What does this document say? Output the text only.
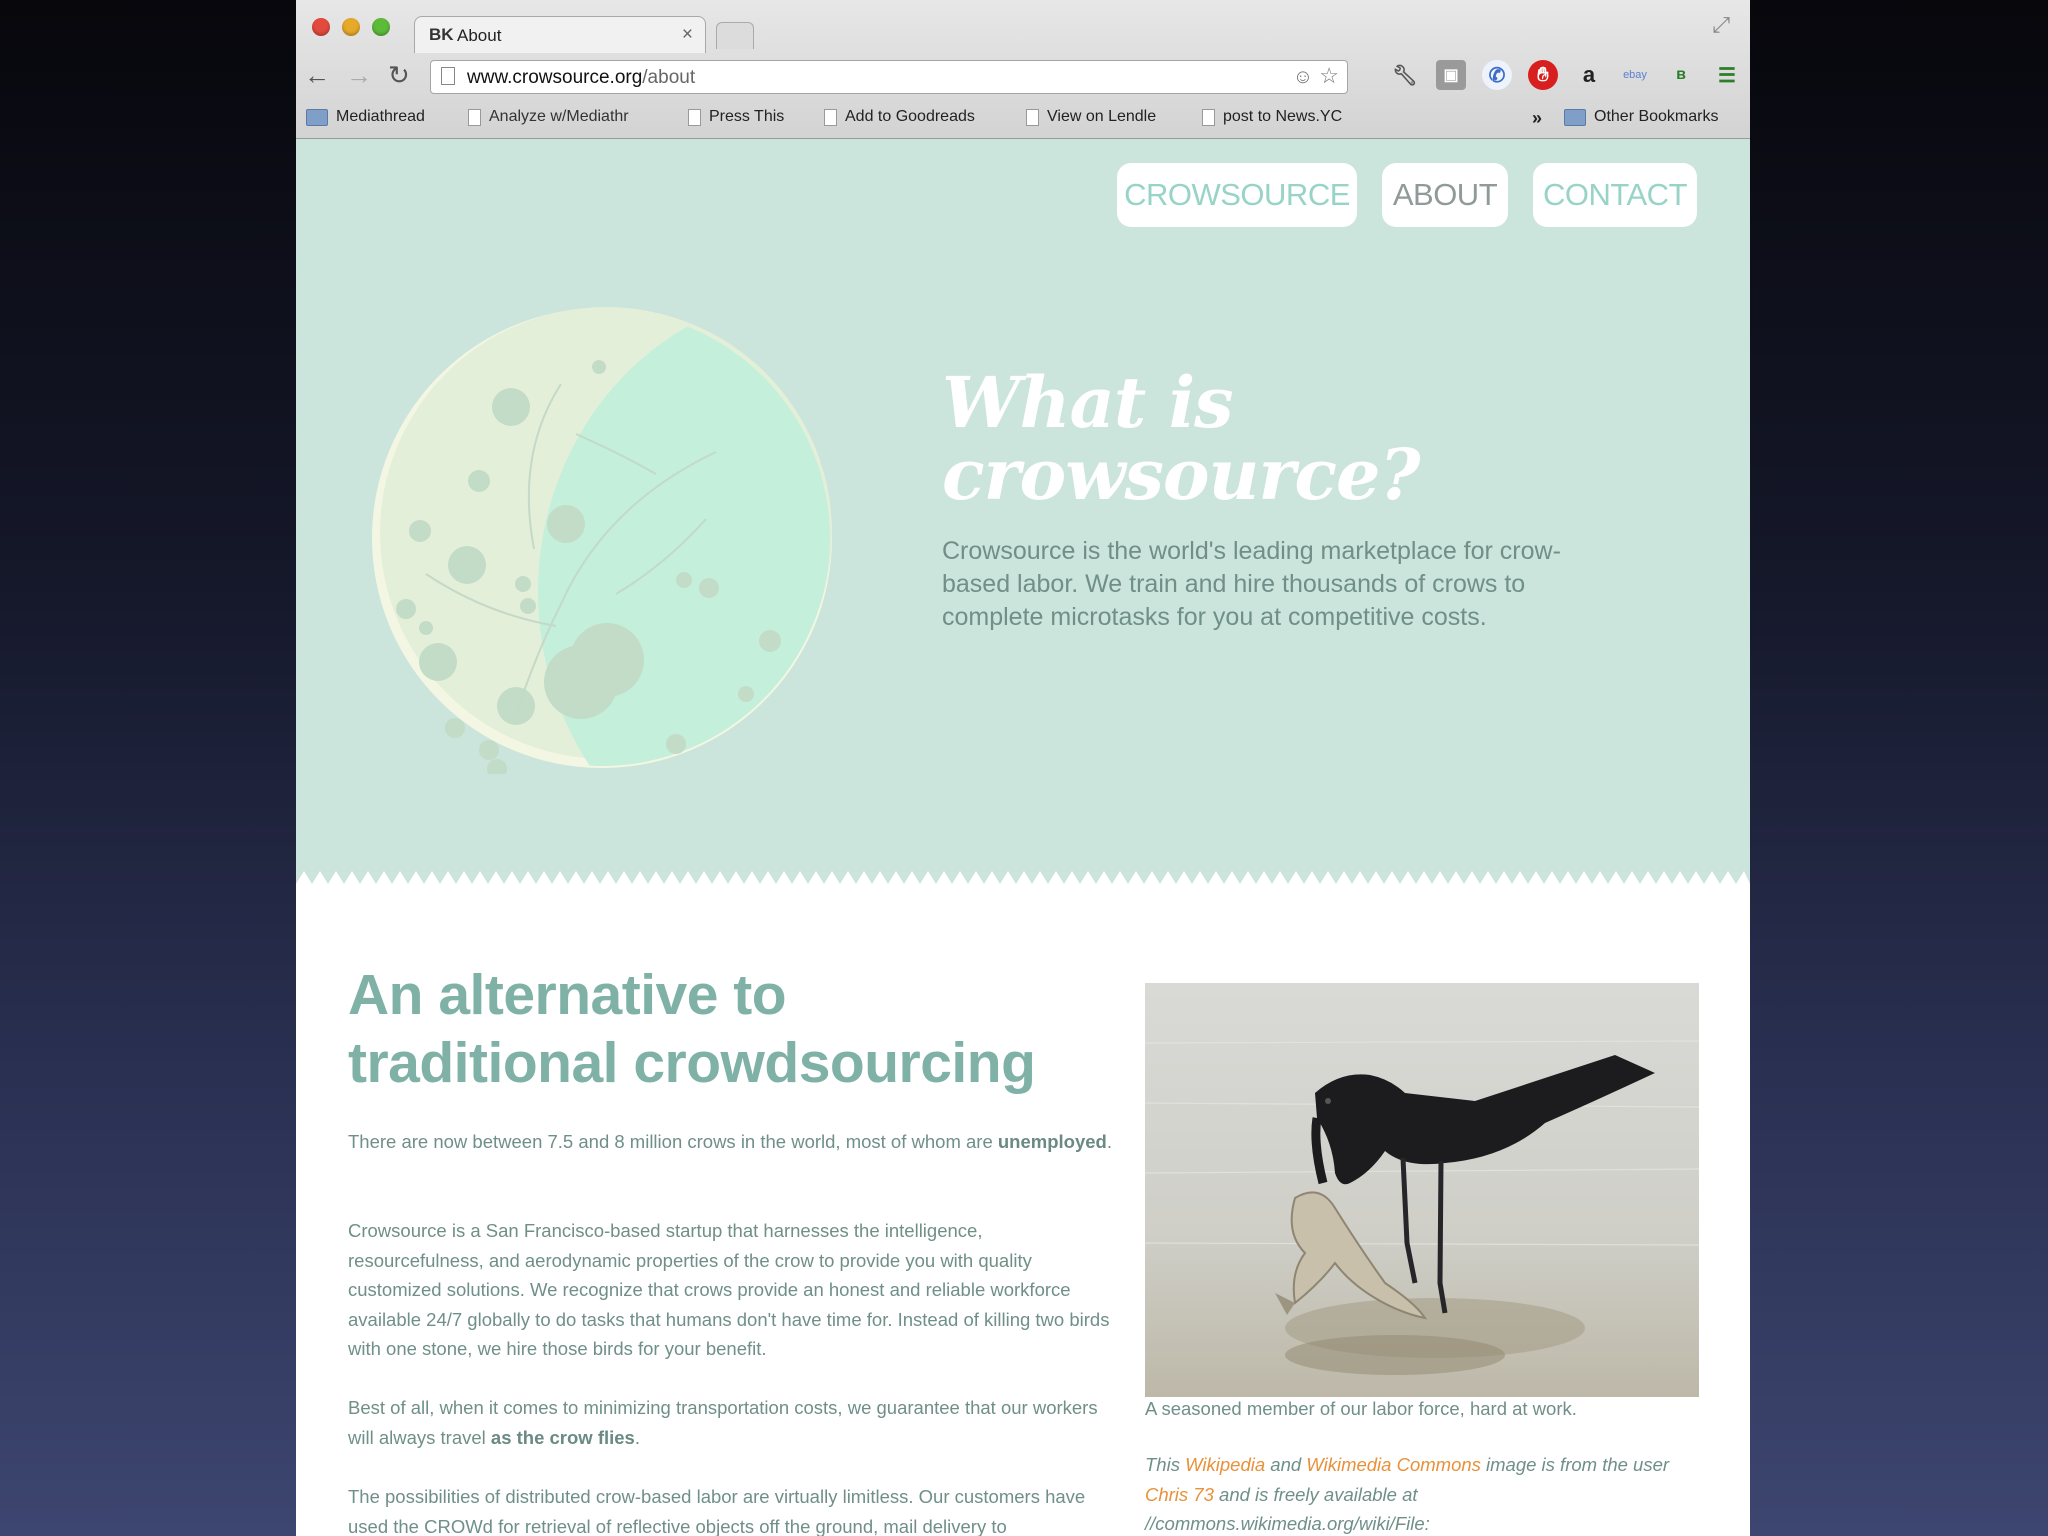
BK About	×	⤢
← → ↻	www.crowsource.org/about	☺ ☆	🔧︎	▣	✆	✋︎	a	ebay	ʙ	☰
Mediathread	Analyze w/Mediathr	Press This	Add to Goodreads	View on Lendle	post to News.YC	»	Other Bookmarks
CROWSOURCE	ABOUT	CONTACT
What is
crowsource?
Crowsource is the world's leading marketplace for crow-based labor. We train and hire thousands of crows to complete microtasks for you at competitive costs.
An alternative to
traditional crowdsourcing

There are now between 7.5 and 8 million crows in the world, most of whom are unemployed.

Crowsource is a San Francisco-based startup that harnesses the intelligence, resourcefulness, and aerodynamic properties of the crow to provide you with quality customized solutions. We recognize that crows provide an honest and reliable workforce available 24/7 globally to do tasks that humans don't have time for. Instead of killing two birds with one stone, we hire those birds for your benefit.

Best of all, when it comes to minimizing transportation costs, we guarantee that our workers will always travel as the crow flies.

The possibilities of distributed crow-based labor are virtually limitless. Our customers have used the CROWd for retrieval of reflective objects off the ground, mail delivery to

A seasoned member of our labor force, hard at work.

This Wikipedia and Wikimedia Commons image is from the user Chris 73 and is freely available at //commons.wikimedia.org/wiki/File:
